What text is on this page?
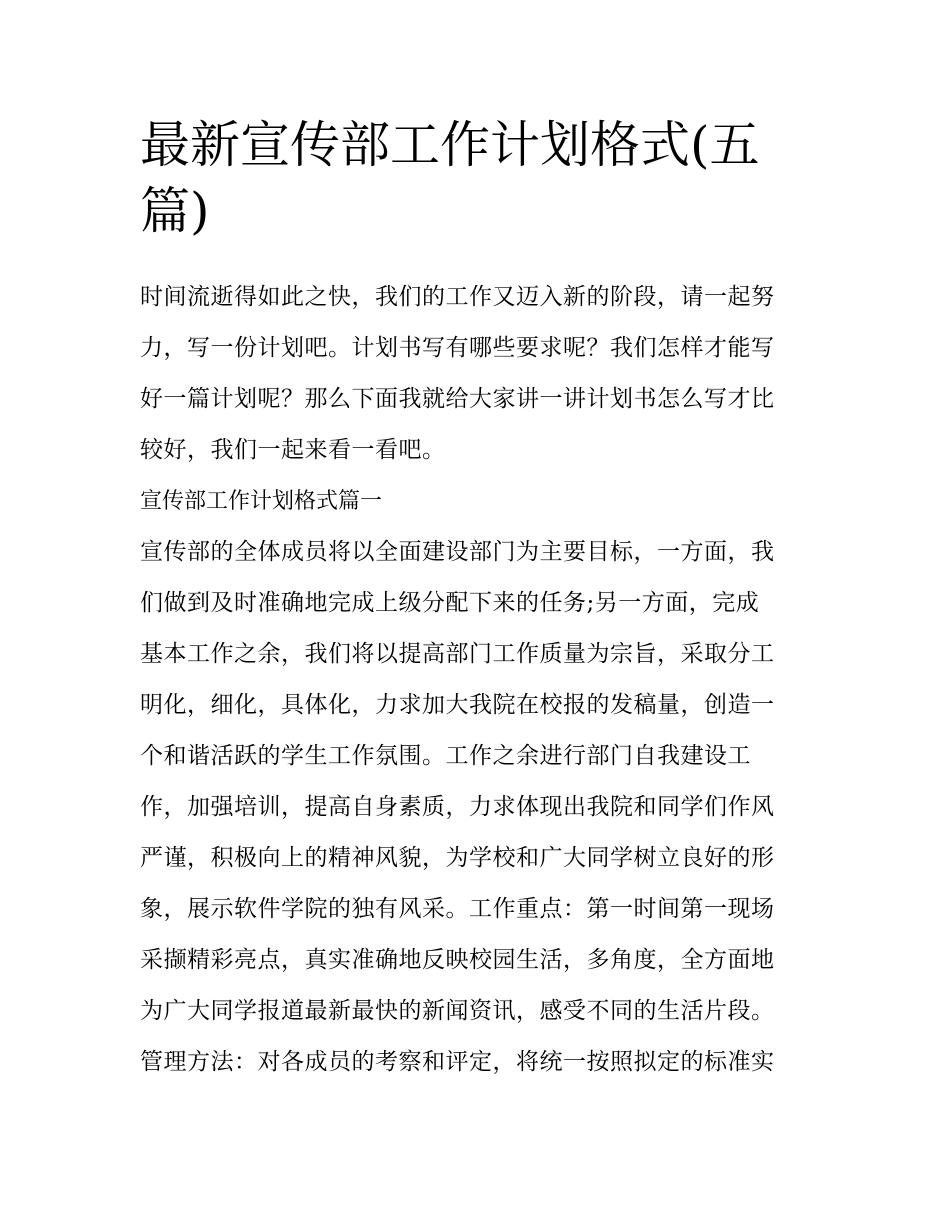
最新宣传部工作计划格式(五
篇)
时间流逝得如此之快，我们的工作又迈入新的阶段，请一起努
力，写一份计划吧。计划书写有哪些要求呢？我们怎样才能写
好一篇计划呢？那么下面我就给大家讲一讲计划书怎么写才比
较好，我们一起来看一看吧。
宣传部工作计划格式篇一
宣传部的全体成员将以全面建设部门为主要目标，一方面，我
们做到及时准确地完成上级分配下来的任务;另一方面，完成
基本工作之余，我们将以提高部门工作质量为宗旨，采取分工
明化，细化，具体化，力求加大我院在校报的发稿量，创造一
个和谐活跃的学生工作氛围。工作之余进行部门自我建设工
作，加强培训，提高自身素质，力求体现出我院和同学们作风
严谨，积极向上的精神风貌，为学校和广大同学树立良好的形
象，展示软件学院的独有风采。工作重点：第一时间第一现场
采撷精彩亮点，真实准确地反映校园生活，多角度，全方面地
为广大同学报道最新最快的新闻资讯，感受不同的生活片段。
管理方法：对各成员的考察和评定，将统一按照拟定的标准实
